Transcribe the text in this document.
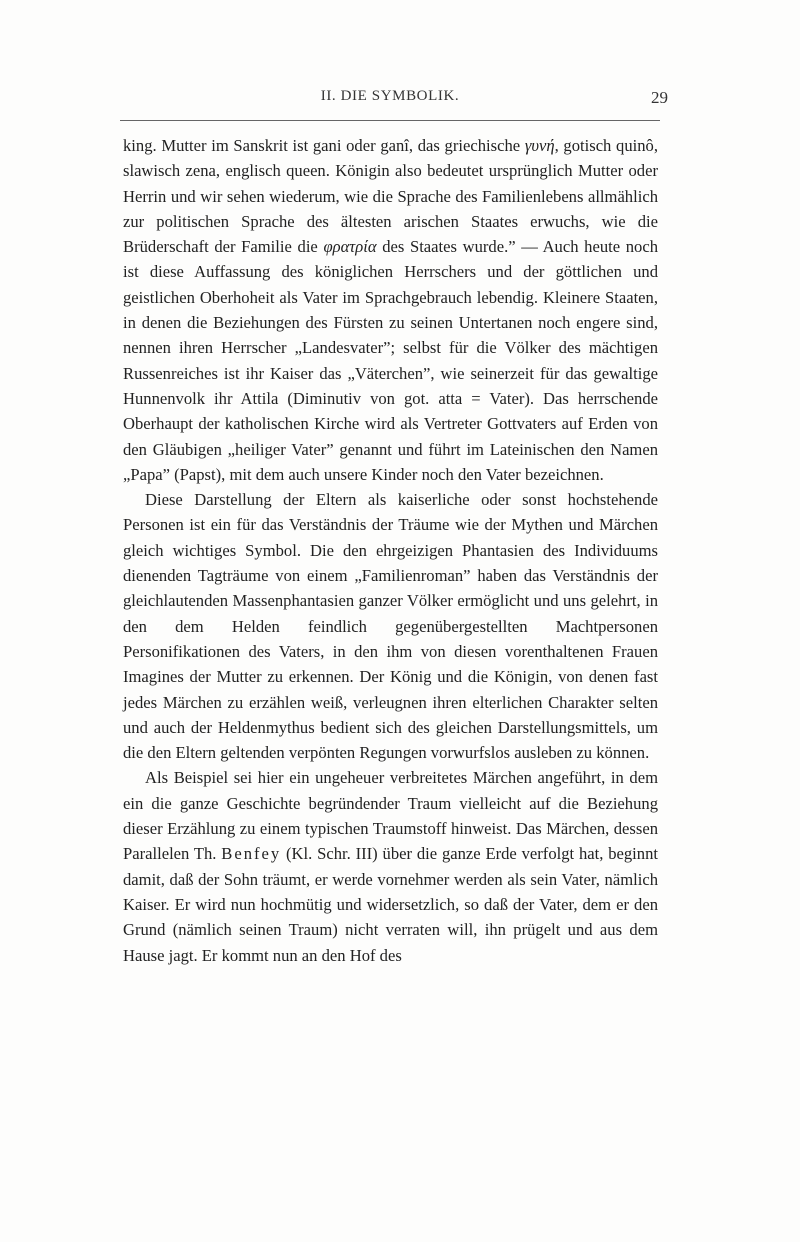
II. DIE SYMBOLIK.	29

king. Mutter im Sanskrit ist gani oder ganî, das griechische γυνή, gotisch quinô, slawisch zena, englisch queen. Königin also bedeutet ursprünglich Mutter oder Herrin und wir sehen wiederum, wie die Sprache des Familienlebens allmählich zur politischen Sprache des ältesten arischen Staates erwuchs, wie die Brüderschaft der Familie die φρατρία des Staates wurde.” — Auch heute noch ist diese Auffassung des königlichen Herrschers und der göttlichen und geistlichen Oberhoheit als Vater im Sprachgebrauch lebendig. Kleinere Staaten, in denen die Beziehungen des Fürsten zu seinen Untertanen noch engere sind, nennen ihren Herrscher „Landesvater”; selbst für die Völker des mächtigen Russenreiches ist ihr Kaiser das „Väterchen”, wie seinerzeit für das gewaltige Hunnenvolk ihr Attila (Diminutiv von got. atta = Vater). Das herrschende Oberhaupt der katholischen Kirche wird als Vertreter Gottvaters auf Erden von den Gläubigen „heiliger Vater” genannt und führt im Lateinischen den Namen „Papa” (Papst), mit dem auch unsere Kinder noch den Vater bezeichnen.

Diese Darstellung der Eltern als kaiserliche oder sonst hochstehende Personen ist ein für das Verständnis der Träume wie der Mythen und Märchen gleich wichtiges Symbol. Die den ehrgeizigen Phantasien des Individuums dienenden Tagträume von einem „Familienroman” haben das Verständnis der gleichlautenden Massenphantasien ganzer Völker ermöglicht und uns gelehrt, in den dem Helden feindlich gegenübergestellten Machtpersonen Personifikationen des Vaters, in den ihm von diesen vorenthaltenen Frauen Imagines der Mutter zu erkennen. Der König und die Königin, von denen fast jedes Märchen zu erzählen weiß, verleugnen ihren elterlichen Charakter selten und auch der Heldenmythus bedient sich des gleichen Darstellungsmittels, um die den Eltern geltenden verpönten Regungen vorwurfslos ausleben zu können.

Als Beispiel sei hier ein ungeheuer verbreitetes Märchen angeführt, in dem ein die ganze Geschichte begründender Traum vielleicht auf die Beziehung dieser Erzählung zu einem typischen Traumstoff hinweist. Das Märchen, dessen Parallelen Th. Benfey (Kl. Schr. III) über die ganze Erde verfolgt hat, beginnt damit, daß der Sohn träumt, er werde vornehmer werden als sein Vater, nämlich Kaiser. Er wird nun hochmütig und widersetzlich, so daß der Vater, dem er den Grund (nämlich seinen Traum) nicht verraten will, ihn prügelt und aus dem Hause jagt. Er kommt nun an den Hof des
